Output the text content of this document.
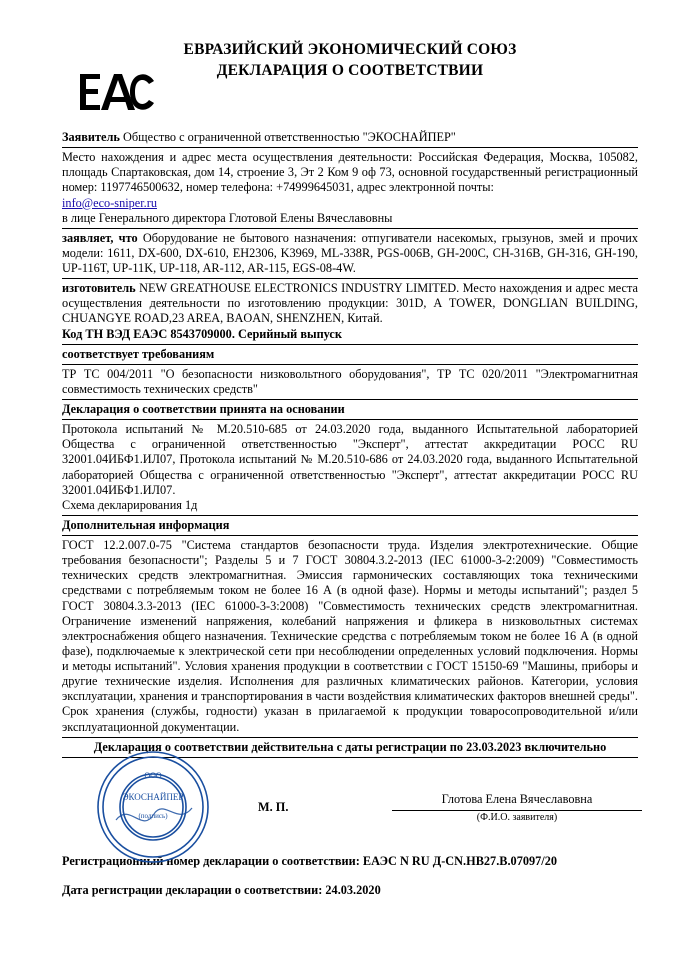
ЕВРАЗИЙСКИЙ ЭКОНОМИЧЕСКИЙ СОЮЗ
ДЕКЛАРАЦИЯ О СООТВЕТСТВИИ
Заявитель Общество с ограниченной ответственностью "ЭКОСНАЙПЕР"
Место нахождения и адрес места осуществления деятельности: Российская Федерация, Москва, 105082, площадь Спартаковская, дом 14, строение 3, Эт 2 Ком 9 оф 73, основной государственный регистрационный номер: 1197746500632, номер телефона: +74999645031, адрес электронной почты:
info@eco-sniper.ru
в лице Генерального директора Глотовой Елены Вячеславовны
заявляет, что Оборудование не бытового назначения: отпугиватели насекомых, грызунов, змей и прочих модели: 1611, DX-600, DX-610, EH2306, K3969, ML-338R, PGS-006B, GH-200C, CH-316B, GH-316, GH-190, UP-116T, UP-11K, UP-118, AR-112, AR-115, EGS-08-4W.
изготовитель NEW GREATHOUSE ELECTRONICS INDUSTRY LIMITED. Место нахождения и адрес места осуществления деятельности по изготовлению продукции: 301D, A TOWER, DONGLIAN BUILDING, CHUANGYE ROAD,23 AREA, BAOAN, SHENZHEN, Китай.
Код ТН ВЭД ЕАЭС 8543709000. Серийный выпуск
соответствует требованиям
ТР ТС 004/2011 "О безопасности низковольтного оборудования", ТР ТС 020/2011 "Электромагнитная совместимость технических средств"
Декларация о соответствии принята на основании
Протокола испытаний № М.20.510-685 от 24.03.2020 года, выданного Испытательной лабораторией Общества с ограниченной ответственностью "Эксперт", аттестат аккредитации РОСС RU 32001.04ИБФ1.ИЛ07, Протокола испытаний № М.20.510-686 от 24.03.2020 года, выданного Испытательной лабораторией Общества с ограниченной ответственностью "Эксперт", аттестат аккредитации РОСС RU 32001.04ИБФ1.ИЛ07.
Схема декларирования 1д
Дополнительная информация
ГОСТ 12.2.007.0-75 "Система стандартов безопасности труда. Изделия электротехнические. Общие требования безопасности"; Разделы 5 и 7 ГОСТ 30804.3.2-2013 (IEC 61000-3-2:2009) "Совместимость технических средств электромагнитная. Эмиссия гармонических составляющих тока техническими средствами с потребляемым током не более 16 А (в одной фазе). Нормы и методы испытаний"; раздел 5 ГОСТ 30804.3.3-2013 (IEC 61000-3-3:2008) "Совместимость технических средств электромагнитная. Ограничение изменений напряжения, колебаний напряжения и фликера в низковольтных системах электроснабжения общего назначения. Технические средства с потребляемым током не более 16 А (в одной фазе), подключаемые к электрической сети при несоблюдении определенных условий подключения. Нормы и методы испытаний". Условия хранения продукции в соответствии с ГОСТ 15150-69 "Машины, приборы и другие технические изделия. Исполнения для различных климатических районов. Категории, условия эксплуатации, хранения и транспортирования в части воздействия климатических факторов внешней среды". Срок хранения (службы, годности) указан в прилагаемой к продукции товаросопроводительной и/или эксплуатационной документации.
Декларация о соответствии действительна с даты регистрации по 23.03.2023 включительно
ООО
ЭКОСНАЙПЕР
(подпись)
М. П.
Глотова Елена Вячеславовна
(Ф.И.О. заявителя)
Регистрационный номер декларации о соответствии: ЕАЭС N RU Д-CN.НВ27.В.07097/20
Дата регистрации декларации о соответствии: 24.03.2020
